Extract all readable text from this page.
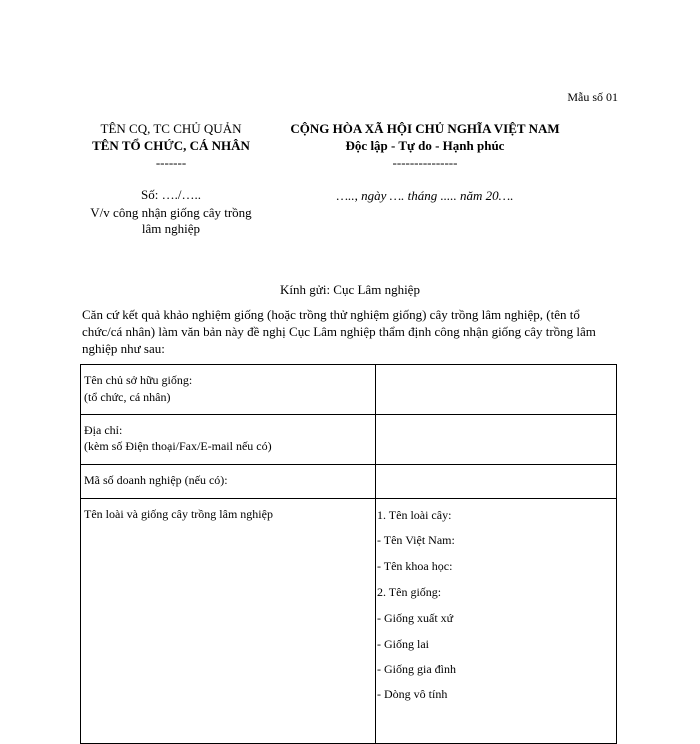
Mẫu số 01
TÊN CQ, TC CHỦ QUẢN
TÊN TỔ CHỨC, CÁ NHÂN
-------
Số: …./…..
V/v công nhận giống cây trồng
lâm nghiệp
CỘNG HÒA XÃ HỘI CHỦ NGHĨA VIỆT NAM
Độc lập - Tự do - Hạnh phúc
---------------
….., ngày …. tháng ..... năm 20….
Kính gửi: Cục Lâm nghiệp
Căn cứ kết quả khảo nghiệm giống (hoặc trồng thử nghiệm giống) cây trồng lâm nghiệp, (tên tổ chức/cá nhân) làm văn bản này đề nghị Cục Lâm nghiệp thẩm định công nhận giống cây trồng lâm nghiệp như sau:
Tên chủ sở hữu giống:
(tổ chức, cá nhân)
Địa chỉ:
(kèm số Điện thoại/Fax/E-mail nếu có)
Mã số doanh nghiệp (nếu có):
Tên loài và giống cây trồng lâm nghiệp	1. Tên loài cây:
- Tên Việt Nam:
- Tên khoa học:
2. Tên giống:
- Giống xuất xứ
- Giống lai
- Giống gia đình
- Dòng vô tính
